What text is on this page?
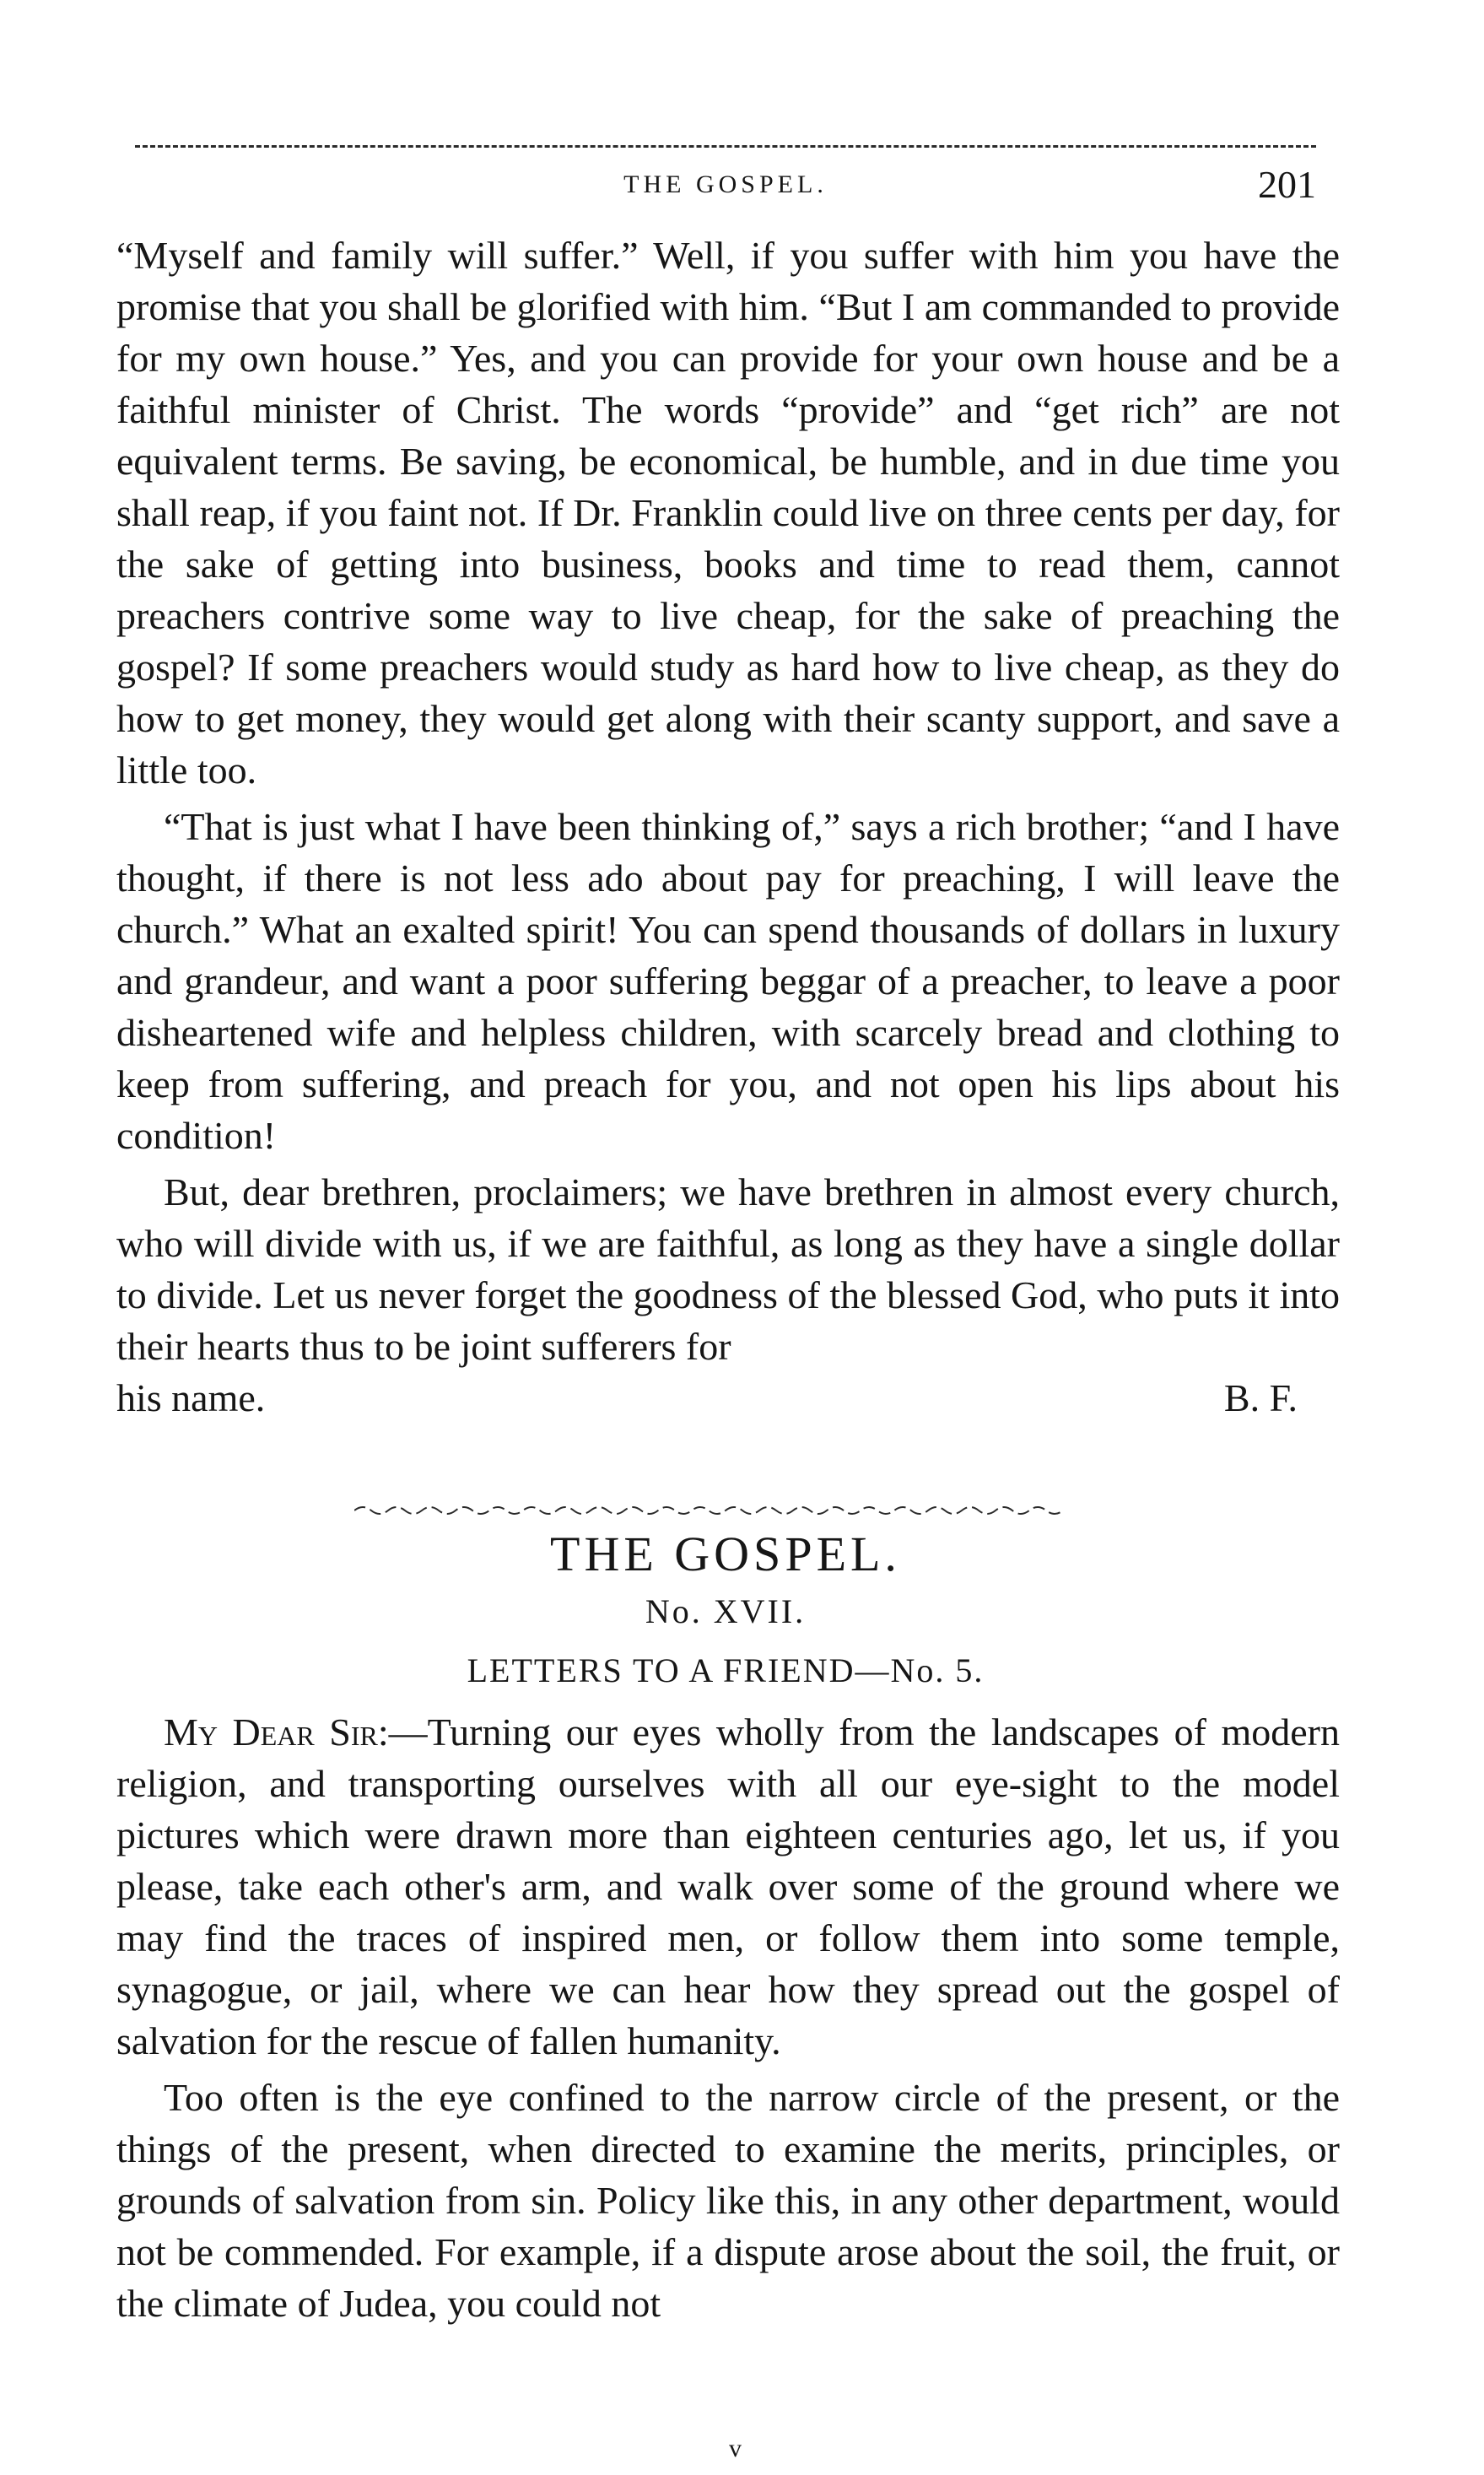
THE GOSPEL.	201

“Myself and family will suffer.” Well, if you suffer with him you have the promise that you shall be glorified with him. “But I am commanded to provide for my own house.” Yes, and you can provide for your own house and be a faithful minister of Christ. The words “provide” and “get rich” are not equivalent terms. Be saving, be economical, be humble, and in due time you shall reap, if you faint not. If Dr. Franklin could live on three cents per day, for the sake of getting into business, books and time to read them, cannot preachers contrive some way to live cheap, for the sake of preaching the gospel? If some preachers would study as hard how to live cheap, as they do how to get money, they would get along with their scanty support, and save a little too.

“That is just what I have been thinking of,” says a rich brother; “and I have thought, if there is not less ado about pay for preaching, I will leave the church.” What an exalted spirit! You can spend thousands of dollars in luxury and grandeur, and want a poor suffering beggar of a preacher, to leave a poor disheartened wife and helpless children, with scarcely bread and clothing to keep from suffering, and preach for you, and not open his lips about his condition!

But, dear brethren, proclaimers; we have brethren in almost every church, who will divide with us, if we are faithful, as long as they have a single dollar to divide. Let us never forget the goodness of the blessed God, who puts it into their hearts thus to be joint sufferers for

his name.	B. F.
THE GOSPEL.
No. XVII.
LETTERS TO A FRIEND—No. 5.

My Dear Sir:—Turning our eyes wholly from the landscapes of modern religion, and transporting ourselves with all our eye-sight to the model pictures which were drawn more than eighteen centuries ago, let us, if you please, take each other's arm, and walk over some of the ground where we may find the traces of inspired men, or follow them into some temple, synagogue, or jail, where we can hear how they spread out the gospel of salvation for the rescue of fallen humanity.

Too often is the eye confined to the narrow circle of the present, or the things of the present, when directed to examine the merits, principles, or grounds of salvation from sin. Policy like this, in any other department, would not be commended. For example, if a dispute arose about the soil, the fruit, or the climate of Judea, you could not

v
